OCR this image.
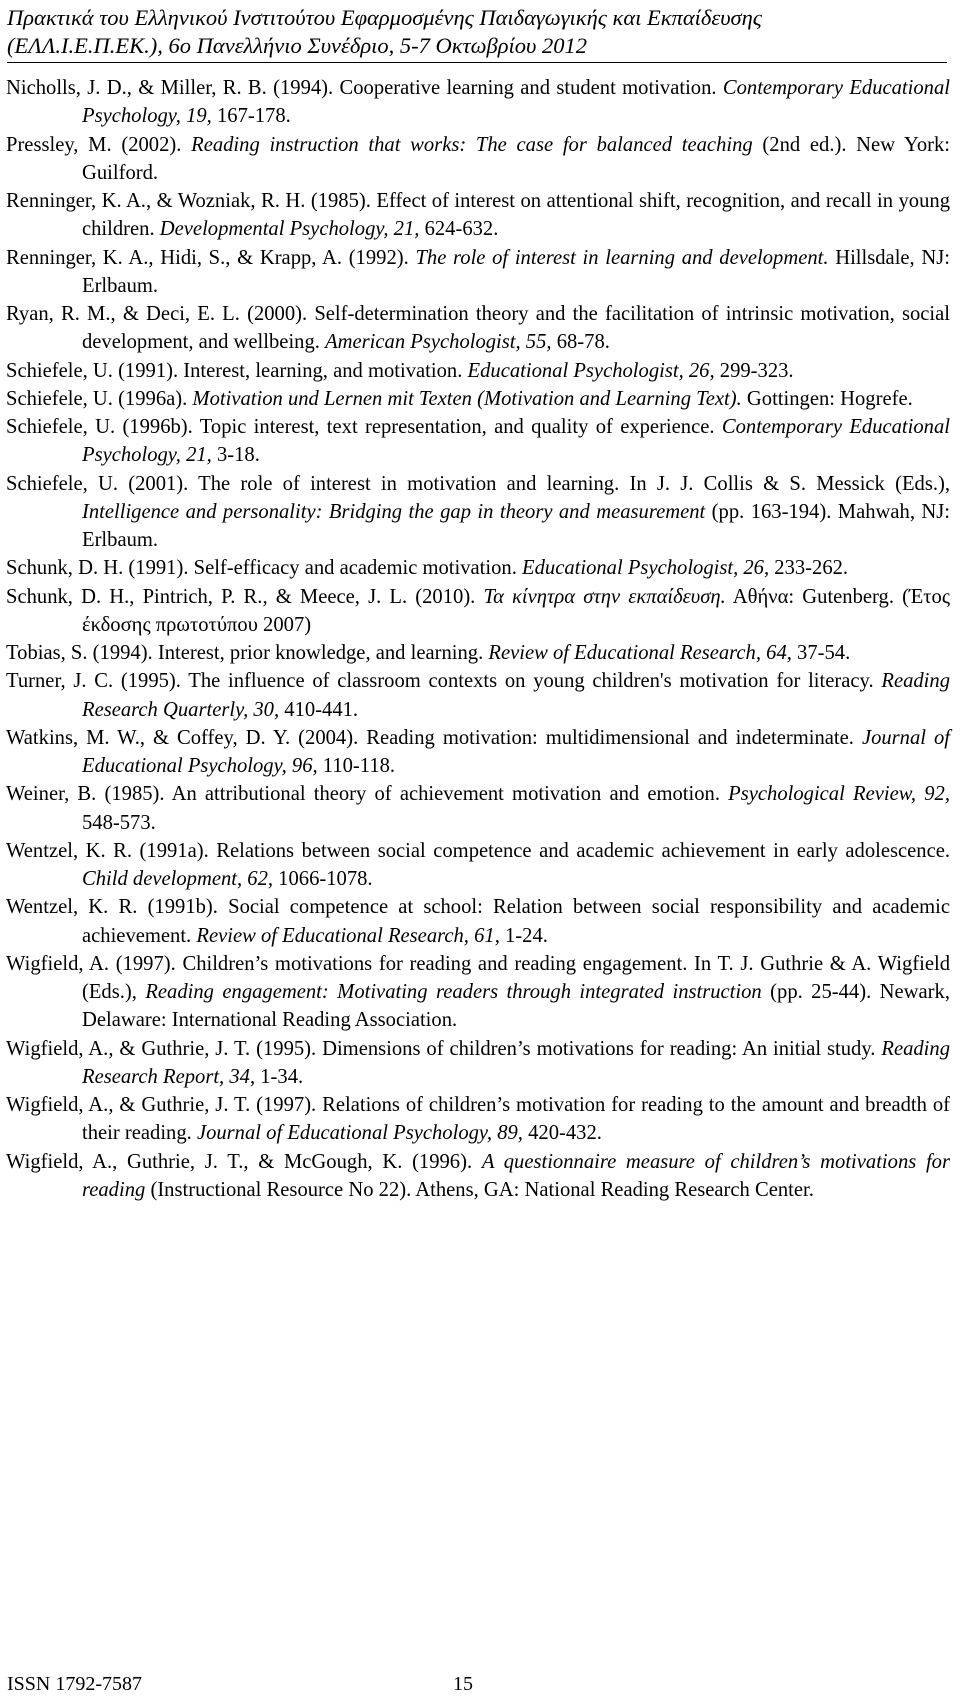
Πρακτικά του Ελληνικού Ινστιτούτου Εφαρμοσμένης Παιδαγωγικής και Εκπαίδευσης
(ΕΛΛ.Ι.Ε.Π.ΕΚ.), 6ο Πανελλήνιο Συνέδριο, 5-7 Οκτωβρίου 2012

Nicholls, J. D., & Miller, R. B. (1994). Cooperative learning and student motivation. Contemporary Educational Psychology, 19, 167-178.

Pressley, M. (2002). Reading instruction that works: The case for balanced teaching (2nd ed.). New York: Guilford.

Renninger, K. A., & Wozniak, R. H. (1985). Effect of interest on attentional shift, recognition, and recall in young children. Developmental Psychology, 21, 624-632.

Renninger, K. A., Hidi, S., & Krapp, A. (1992). The role of interest in learning and development. Hillsdale, NJ: Erlbaum.

Ryan, R. M., & Deci, E. L. (2000). Self-determination theory and the facilitation of intrinsic motivation, social development, and wellbeing. American Psychologist, 55, 68-78.

Schiefele, U. (1991). Interest, learning, and motivation. Educational Psychologist, 26, 299-323.

Schiefele, U. (1996a). Motivation und Lernen mit Texten (Motivation and Learning Text). Gottingen: Hogrefe.

Schiefele, U. (1996b). Topic interest, text representation, and quality of experience. Contemporary Educational Psychology, 21, 3-18.

Schiefele, U. (2001). The role of interest in motivation and learning. In J. J. Collis & S. Messick (Eds.), Intelligence and personality: Bridging the gap in theory and measurement (pp. 163-194). Mahwah, NJ: Erlbaum.

Schunk, D. H. (1991). Self-efficacy and academic motivation. Educational Psychologist, 26, 233-262.

Schunk, D. H., Pintrich, P. R., & Meece, J. L. (2010). Τα κίνητρα στην εκπαίδευση. Αθήνα: Gutenberg. (Έτος έκδοσης πρωτοτύπου 2007)

Tobias, S. (1994). Interest, prior knowledge, and learning. Review of Educational Research, 64, 37-54.

Turner, J. C. (1995). The influence of classroom contexts on young children's motivation for literacy. Reading Research Quarterly, 30, 410-441.

Watkins, M. W., & Coffey, D. Y. (2004). Reading motivation: multidimensional and indeterminate. Journal of Educational Psychology, 96, 110-118.

Weiner, B. (1985). An attributional theory of achievement motivation and emotion. Psychological Review, 92, 548-573.

Wentzel, K. R. (1991a). Relations between social competence and academic achievement in early adolescence. Child development, 62, 1066-1078.

Wentzel, K. R. (1991b). Social competence at school: Relation between social responsibility and academic achievement. Review of Educational Research, 61, 1-24.

Wigfield, A. (1997). Children’s motivations for reading and reading engagement. In T. J. Guthrie & A. Wigfield (Eds.), Reading engagement: Motivating readers through integrated instruction (pp. 25-44). Newark, Delaware: International Reading Association.

Wigfield, A., & Guthrie, J. T. (1995). Dimensions of children’s motivations for reading: An initial study. Reading Research Report, 34, 1-34.

Wigfield, A., & Guthrie, J. T. (1997). Relations of children’s motivation for reading to the amount and breadth of their reading. Journal of Educational Psychology, 89, 420-432.

Wigfield, A., Guthrie, J. T., & McGough, K. (1996). A questionnaire measure of children’s motivations for reading (Instructional Resource No 22). Athens, GA: National Reading Research Center.

ISSN 1792-7587	15
